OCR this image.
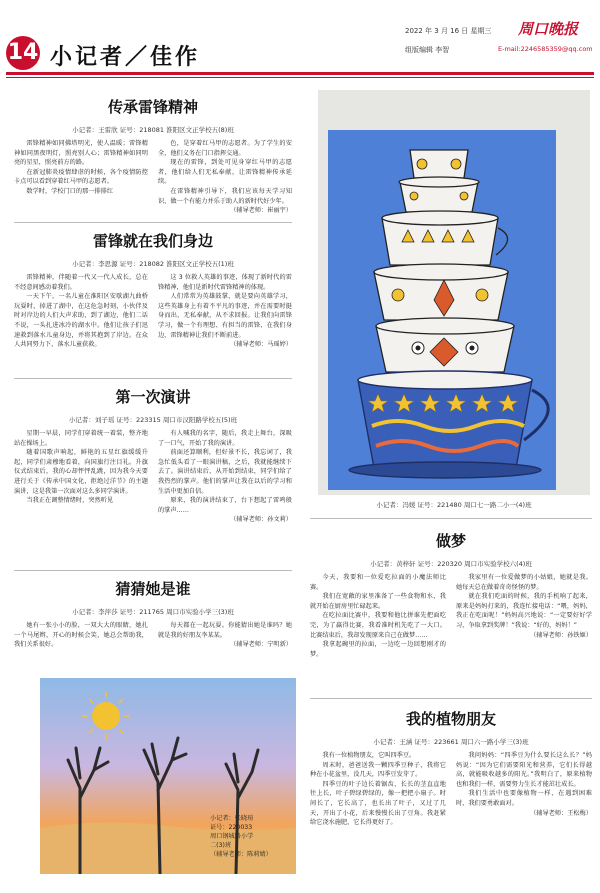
14 小记者／佳作
2022 年 3 月 16 日 星期三
组版编辑 李智
周口晚报
E-mail:2246585359@qq.com
传承雷锋精神
小记者：王雷欣 证号：218081 淮阳区文正学校五(8)班

雷锋精神如同佛塔明光，使人温暖；雷锋精神如同黑夜明灯，照亮别人心；雷锋精神如同明亮的星星，照亮前方的路。

在新冠肺炎疫情肆虐的时候，各个疫情防控卡点可以看到穿着红马甲的志愿者。

数学时，学校门口的那一排排红

色，是穿着红马甲的志愿者。为了学生的安全，他们义务在门口指挥交通。

现在的雷锋，到处可见身穿红马甲的志愿者，他们给人们无私奉献，让雷锋精神传承延续。

在雷锋精神引导下，我们应该每天学习知识，做一个有能力并乐于助人的新时代好少年。

（辅导老师：崔丽宇）
雷锋就在我们身边
小记者：李思源 证号：218082 淮阳区文正学校五(1)班

雷锋精神，伴随着一代又一代人成长，总在不经意间感动着我们。

一天下午，一名儿童在淮阳区安歇湖九曲桥玩耍时，掉进了湖中，在这危急时刻，小伙伴及时对岸边的人们大声求助，到了湖边，他们二话不说，一头扎进冰冷的湖水中。他们让孩子们迅速救到落水儿童身边，并将其抱到了岸边。在众人共同努力下，落水儿童获救。

这 3 位救人英雄的事迹，体现了新时代的雷锋精神，他们是新时代雷锋精神的体现。

人们常常为英雄鼓掌，就是要向英雄学习，这些英雄身上有着不平凡的事迹，并在需要时挺身而出，无私奉献，从不求回报。让我们向雷锋学习，做一个有理想、有担当的雷锋，在我们身边，雷锋精神让我们不断前进。

（辅导老师：马瑶婷）
第一次演讲
小记者：刘子瑶 证号：223315 周口市汉阳路学校五(5)班

星期一早晨，同学们穿着统一着装，整齐地站在操场上。

随着国歌声响起，鲜艳的五星红旗缓缓升起，同学们肃穆地看着，向国旗行注目礼。升旗仪式结束后，我的心却怦怦乱跳，因为我今天要进行关于《传承中国文化，拒绝过洋节》的主题演讲，这是我第一次面对这么多同学演讲。

当我正在调整情绪时，突然听见

有人喊我的名字，随后，我走上舞台，深吸了一口气，开始了我的演讲。

前面还算顺利，但好景不长，我忘词了，我急忙低头看了一眼演讲稿，之后，我就能继续下去了。演讲结束后，从开始到结束，同学们给了我热烈的掌声。他们的掌声让我在以后的学习和生活中更加自信。

原来，我的演讲结束了，台下想起了雷鸣般的掌声……

（辅导老师：孙文莉）
猜猜她是谁
小记者：李萍莎 证号：211765 周口市实验小学三(3)班

她有一张小小的脸，一双大大的眼睛，她扎一个马尾辫，开心的时候会笑，她总会帮助我，我们关系很好。

每天都在一起玩耍。你能猜出她是谁吗？她就是我的好朋友李某某。

（辅导老师：宁明新）
小记者：张晓瑄
证号：220033
周口钢城路小学
二(3)班
（辅导老师：陈莉婧）
小记者：冯媛 证号：221480 周口七一路二小一(4)班
做梦
小记者：黄梓轩 证号：220320 周口市实验学校六(4)班

今天，我要和一位爱吃拉面的小魔法师比赛。

我们在宽敞的家里准备了一些食物和水，我就开始在厨房里忙碌起来。

在吃拉面比赛中，我要和他比拼谁先把面吃完，为了赢得比赛，我看准时机先吃了一大口。比赛结束后，我却发现原来自己在做梦……

我拿起碗里的拉面，一边吃一边回想刚才的梦。

我家里有一位爱做梦的小姑娘，她就是我。她每天总在做着奇奇怪怪的梦。

就在我们吃面的时候，我的手机响了起来，原来是妈妈打来的，我连忙接电话：“喂，妈妈，我正在吃面呢！”妈妈高兴地说：“一定要好好学习，争取拿到奖牌！”我说：“好的，妈妈！”

（辅导老师：孙铁姬）
我的植物朋友
小记者：王涵 证号：223661 周口六一路小学三(3)班

我有一位植物朋友，它叫四季豆。

周末时，爸爸送我一颗四季豆种子，我将它种在小花盆里，没几天，四季豆发芽了。

四季豆的叶子边长着锯齿，长长的茎直直地往上长，叶子碧绿碧绿的，像一把把小扇子。时间长了，它长高了，也长出了叶子，又过了几天，开出了小花，后来慢慢长出了豆角。我赶紧给它浇水施肥，它长得更好了。

我问妈妈：“四季豆为什么要长这么长？”妈妈说：“因为它们需要阳光和营养，它们长得越高，就能吸收越多的阳光。”我明白了，原来植物也和我们一样，需要努力生长才能茁壮成长。

我们生活中也要像植物一样，在遇到困难时，我们要勇敢面对。

（辅导老师：王松梅）
